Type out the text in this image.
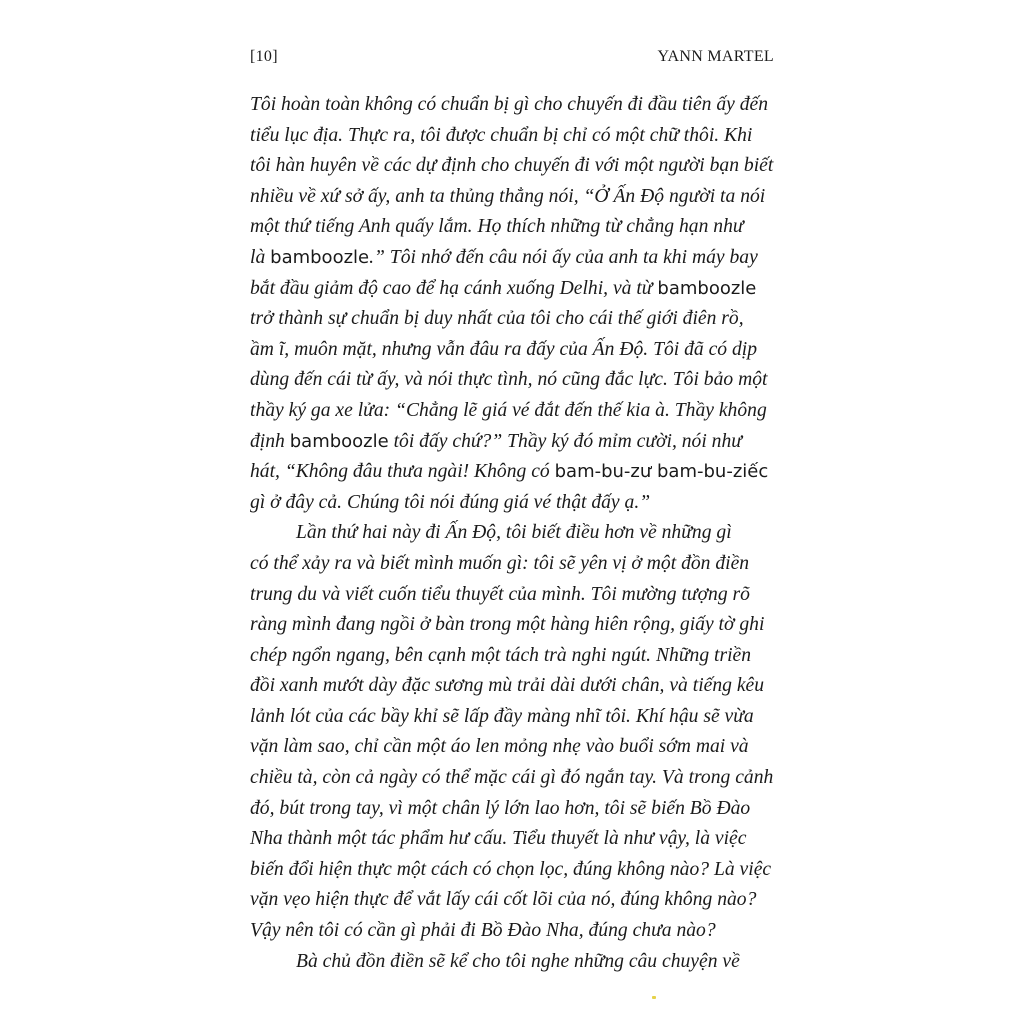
[10]	YANN MARTEL
Tôi hoàn toàn không có chuẩn bị gì cho chuyến đi đầu tiên ấy đến
tiểu lục địa. Thực ra, tôi được chuẩn bị chỉ có một chữ thôi. Khi
tôi hàn huyên về các dự định cho chuyến đi với một người bạn biết
nhiều về xứ sở ấy, anh ta thủng thẳng nói, “Ở Ấn Độ người ta nói
một thứ tiếng Anh quấy lắm. Họ thích những từ chẳng hạn như
là bamboozle.” Tôi nhớ đến câu nói ấy của anh ta khi máy bay
bắt đầu giảm độ cao để hạ cánh xuống Delhi, và từ bamboozle
trở thành sự chuẩn bị duy nhất của tôi cho cái thế giới điên rồ,
ầm ĩ, muôn mặt, nhưng vẫn đâu ra đấy của Ấn Độ. Tôi đã có dịp
dùng đến cái từ ấy, và nói thực tình, nó cũng đắc lực. Tôi bảo một
thầy ký ga xe lửa: “Chẳng lẽ giá vé đắt đến thế kia à. Thầy không
định bamboozle tôi đấy chứ?” Thầy ký đó mỉm cười, nói như
hát, “Không đâu thưa ngài! Không có bam-bu-zư bam-bu-ziếc
gì ở đây cả. Chúng tôi nói đúng giá vé thật đấy ạ.”
Lần thứ hai này đi Ấn Độ, tôi biết điều hơn về những gì
có thể xảy ra và biết mình muốn gì: tôi sẽ yên vị ở một đồn điền
trung du và viết cuốn tiểu thuyết của mình. Tôi mường tượng rõ
ràng mình đang ngồi ở bàn trong một hàng hiên rộng, giấy tờ ghi
chép ngổn ngang, bên cạnh một tách trà nghi ngút. Những triền
đồi xanh mướt dày đặc sương mù trải dài dưới chân, và tiếng kêu
lảnh lót của các bầy khỉ sẽ lấp đầy màng nhĩ tôi. Khí hậu sẽ vừa
vặn làm sao, chỉ cần một áo len mỏng nhẹ vào buổi sớm mai và
chiều tà, còn cả ngày có thể mặc cái gì đó ngắn tay. Và trong cảnh
đó, bút trong tay, vì một chân lý lớn lao hơn, tôi sẽ biến Bồ Đào
Nha thành một tác phẩm hư cấu. Tiểu thuyết là như vậy, là việc
biến đổi hiện thực một cách có chọn lọc, đúng không nào? Là việc
vặn vẹo hiện thực để vắt lấy cái cốt lõi của nó, đúng không nào?
Vậy nên tôi có cần gì phải đi Bồ Đào Nha, đúng chưa nào?
Bà chủ đồn điền sẽ kể cho tôi nghe những câu chuyện về
